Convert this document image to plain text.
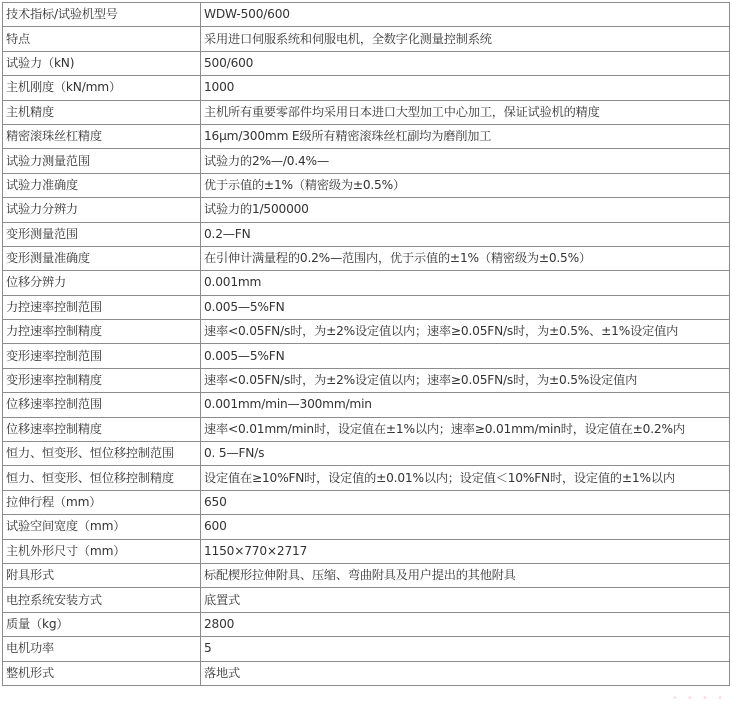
技术指标/试验机型号	WDW-500/600
特点	采用进口伺服系统和伺服电机，全数字化测量控制系统
试验力（kN)	500/600
主机刚度（kN/mm）	1000
主机精度	主机所有重要零部件均采用日本进口大型加工中心加工，保证试验机的精度
精密滚珠丝杠精度	16μm/300mm E级所有精密滚珠丝杠副均为磨削加工
试验力测量范围	试验力的2%—/0.4%—
试验力准确度	优于示值的±1%（精密级为±0.5%）
试验力分辨力	试验力的1/500000
变形测量范围	0.2—FN
变形测量准确度	在引伸计满量程的0.2%—范围内，优于示值的±1%（精密级为±0.5%）
位移分辨力	0.001mm
力控速率控制范围	0.005—5%FN
力控速率控制精度	速率<0.05FN/s时，为±2%设定值以内；速率≥0.05FN/s时，为±0.5%、±1%设定值内
变形速率控制范围	0.005—5%FN
变形速率控制精度	速率<0.05FN/s时，为±2%设定值以内；速率≥0.05FN/s时，为±0.5%设定值内
位移速率控制范围	0.001mm/min—300mm/min
位移速率控制精度	速率<0.01mm/min时，设定值在±1%以内；速率≥0.01mm/min时，设定值在±0.2%内
恒力、恒变形、恒位移控制范围	0. 5—FN/s
恒力、恒变形、恒位移控制精度	设定值在≥10%FN时，设定值的±0.01%以内；设定值＜10%FN时，设定值的±1%以内
拉伸行程（mm）	650
试验空间宽度（mm）	600
主机外形尺寸（mm）	1150×770×2717
附具形式	标配楔形拉伸附具、压缩、弯曲附具及用户提出的其他附具
电控系统安装方式	底置式
质量（kg）	2800
电机功率	5
整机形式	落地式
• • • •
